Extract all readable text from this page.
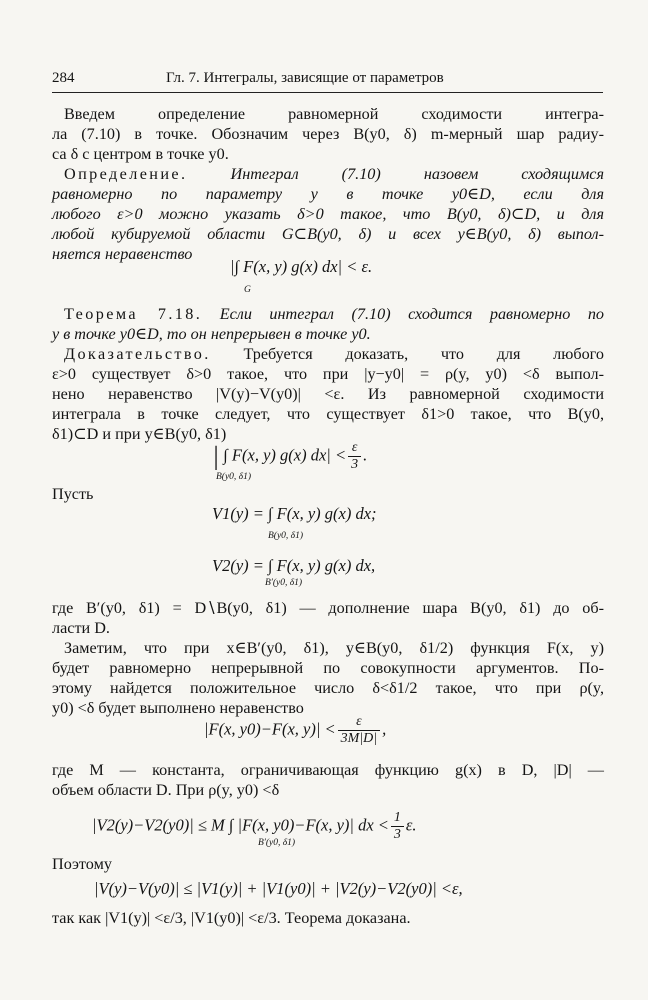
284	Гл. 7. Интегралы, зависящие от параметров
Введем определение равномерной сходимости интегра-
ла (7.10) в точке. Обозначим через B(y0, δ) m-мерный шар радиу-
са δ с центром в точке y0.
Определение.	Интеграл (7.10) назовем сходящимся
равномерно по параметру y в точке y0∈D, если для
любого ε>0 можно указать δ>0 такое, что B(y0, δ)⊂D, и для
любой кубируемой области G⊂B(y0, δ) и всех y∈B(y0, δ) выпол-
няется неравенство
|∫ F(x, y) g(x) dx| < ε.
G
Теорема 7.18. Если интеграл (7.10) сходится равномерно по
y в точке y0∈D, то он непрерывен в точке y0.
Доказательство. Требуется доказать, что для любого
ε>0 существует δ>0 такое, что при |y−y0| = ρ(y, y0) <δ выпол-
нено неравенство |V(y)−V(y0)| <ε. Из равномерной сходимости
интеграла в точке следует, что существует δ1>0 такое, что B(y0,
δ1)⊂D и при y∈B(y0, δ1)
| ∫ F(x, y) g(x) $dx| < \frac{\varepsilon}{3}$ .
B(y0, δ1)
Пусть
V1(y) = ∫ F(x, y) g(x) dx;
B(y0, δ1)
V2(y) = ∫ F(x, y) g(x) dx,
B′(y0, δ1)
где B′(y0, δ1) = D∖B(y0, δ1) — дополнение шара B(y0, δ1) до об-
ласти D.
Заметим, что при x∈B′(y0, δ1), y∈B(y0, δ1/2) функция F(x, y)
будет равномерно непрерывной по совокупности аргументов. По-
этому найдется положительное число δ<δ1/2 такое, что при ρ(y,
y0) <δ будет выполнено неравенство
|F(x, y0)−F(x, $y)| < \frac{\varepsilon}{3M|D|}$ ,
где M — константа, ограничивающая функцию g(x) в D, |D| —
объем области D. При ρ(y, y0) <δ
|V2(y)−V2(y0)| ≤ M ∫ |F(x, y0)−F(x, y)| dx < $\frac{1}{3} \varepsilon$.
B′(y0, δ1)
Поэтому
|V(y)−V(y0)| ≤ |V1(y)| + |V1(y0)| + |V2(y)−V2(y0)| <ε,
так как |V1(y)| <ε/3, |V1(y0)| <ε/3. Теорема доказана.
